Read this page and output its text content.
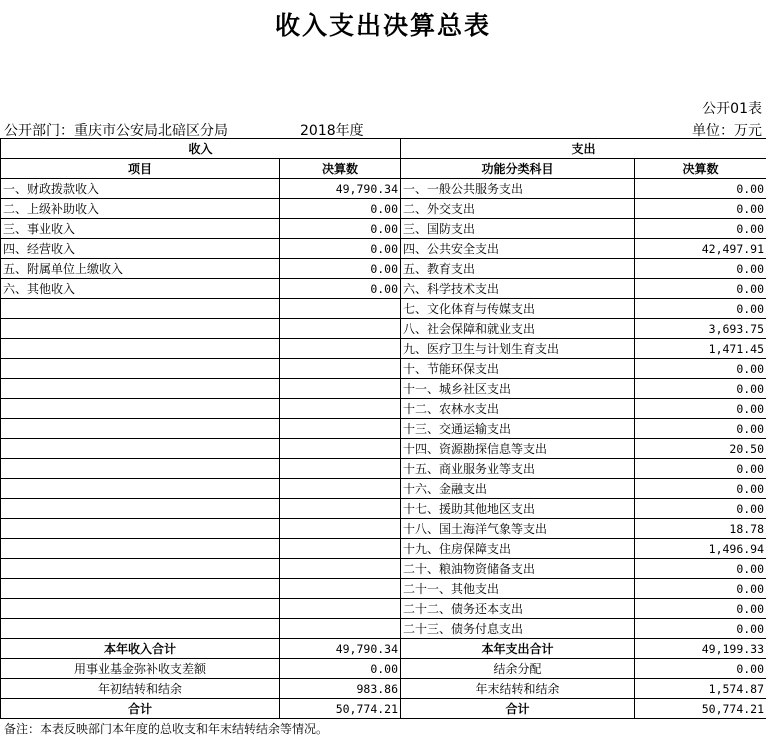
收入支出决算总表
公开01表
公开部门：重庆市公安局北碚区分局	2018年度	单位：万元
收入		支出	
项目	决算数	功能分类科目	决算数
一、财政拨款收入	49,790.34	一、一般公共服务支出	0.00
二、上级补助收入	0.00	二、外交支出	0.00
三、事业收入	0.00	三、国防支出	0.00
四、经营收入	0.00	四、公共安全支出	42,497.91
五、附属单位上缴收入	0.00	五、教育支出	0.00
六、其他收入	0.00	六、科学技术支出	0.00
		七、文化体育与传媒支出	0.00
		八、社会保障和就业支出	3,693.75
		九、医疗卫生与计划生育支出	1,471.45
		十、节能环保支出	0.00
		十一、城乡社区支出	0.00
		十二、农林水支出	0.00
		十三、交通运输支出	0.00
		十四、资源勘探信息等支出	20.50
		十五、商业服务业等支出	0.00
		十六、金融支出	0.00
		十七、援助其他地区支出	0.00
		十八、国土海洋气象等支出	18.78
		十九、住房保障支出	1,496.94
		二十、粮油物资储备支出	0.00
		二十一、其他支出	0.00
		二十二、债务还本支出	0.00
		二十三、债务付息支出	0.00
本年收入合计	49,790.34	本年支出合计	49,199.33
用事业基金弥补收支差额	0.00	结余分配	0.00
年初结转和结余	983.86	年末结转和结余	1,574.87
合计	50,774.21	合计	50,774.21
备注：本表反映部门本年度的总收支和年末结转结余等情况。
